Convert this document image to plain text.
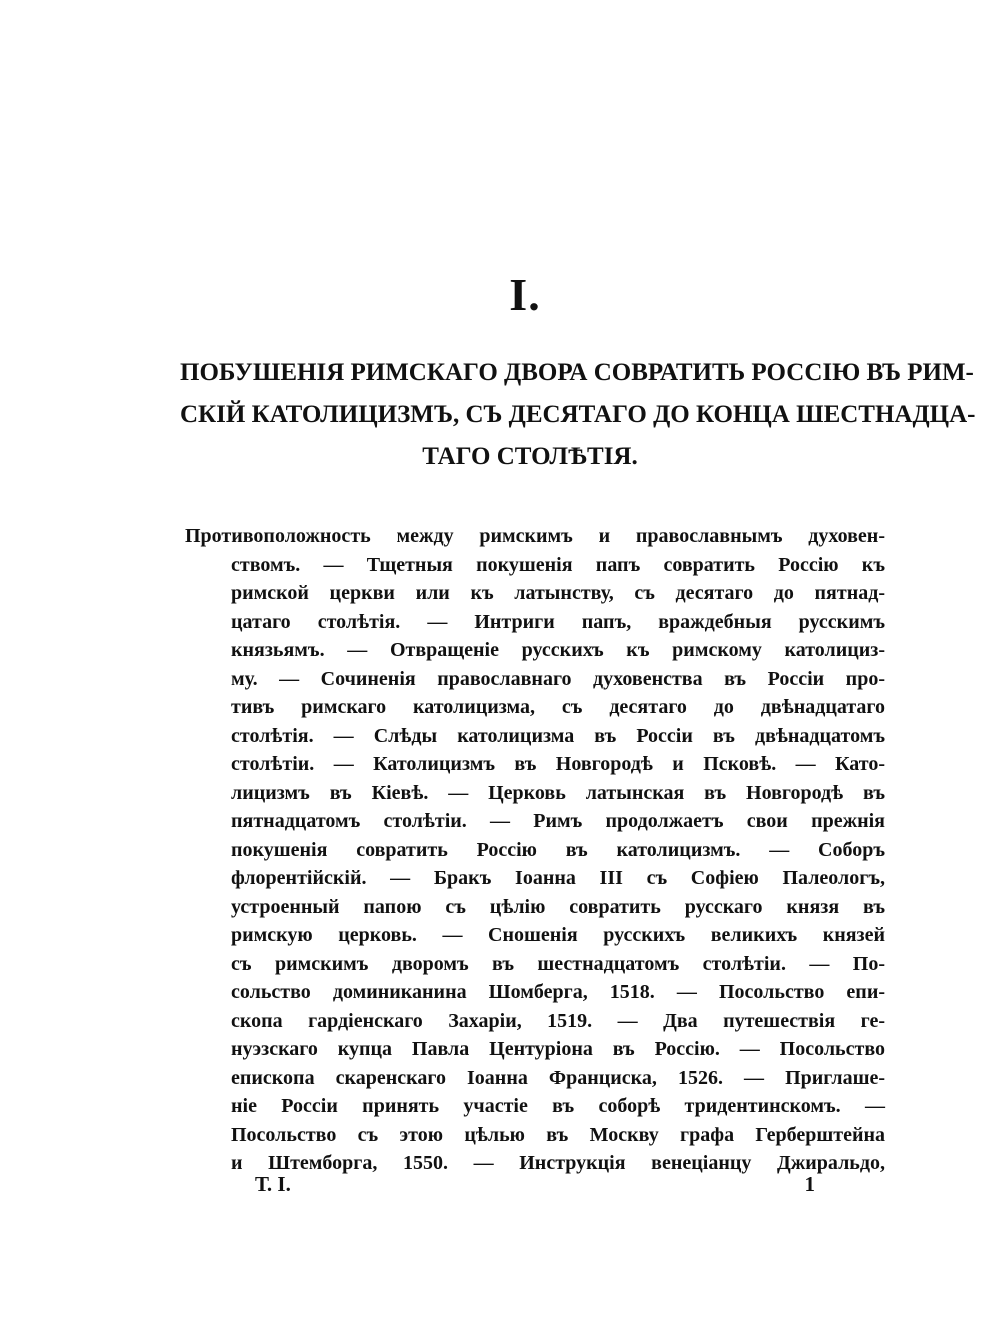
I.
ПОБУШЕНІЯ РИМСКАГО ДВОРА СОВРАТИТЬ РОССІЮ ВЪ РИМ-
СКІЙ КАТОЛИЦИЗМЪ, СЪ ДЕСЯТАГО ДО КОНЦА ШЕСТНАДЦА-
ТАГО СТОЛѢТІЯ.
Противоположность между римскимъ и православнымъ духовен-
ствомъ. — Тщетныя покушенія папъ совратить Россію къ
римской церкви или къ латынству, съ десятаго до пятнад-
цатаго столѣтія. — Интриги папъ, враждебныя русскимъ
князьямъ. — Отвращеніе русскихъ къ римскому католициз-
му. — Сочиненія православнаго духовенства въ Россіи про-
тивъ римскаго католицизма, съ десятаго до двѣнадцатаго
столѣтія. — Слѣды католицизма въ Россіи въ двѣнадцатомъ
столѣтіи. — Католицизмъ въ Новгородѣ и Псковѣ. — Като-
лицизмъ въ Кіевѣ. — Церковь латынская въ Новгородѣ въ
пятнадцатомъ столѣтіи. — Римъ продолжаетъ свои прежнія
покушенія совратить Россію въ католицизмъ. — Соборъ
флорентійскій. — Бракъ Іоанна III съ Софіею Палеологъ,
устроенный папою съ цѣлію совратить русскаго князя въ
римскую церковь. — Сношенія русскихъ великихъ князей
съ римскимъ дворомъ въ шестнадцатомъ столѣтіи. — По-
сольство доминиканина Шомберга, 1518. — Посольство епи-
скопа гардіенскаго Захаріи, 1519. — Два путешествія ге-
нуэзскаго купца Павла Центуріона въ Россію. — Посольство
епископа скаренскаго Іоанна Франциска, 1526. — Приглаше-
ніе Россіи принять участіе въ соборѣ тридентинскомъ. —
Посольство съ этою цѣлью въ Москву графа Герберштейна
и Штемборга, 1550. — Инструкція венеціанцу Джиральдо,
Т. I.	1
